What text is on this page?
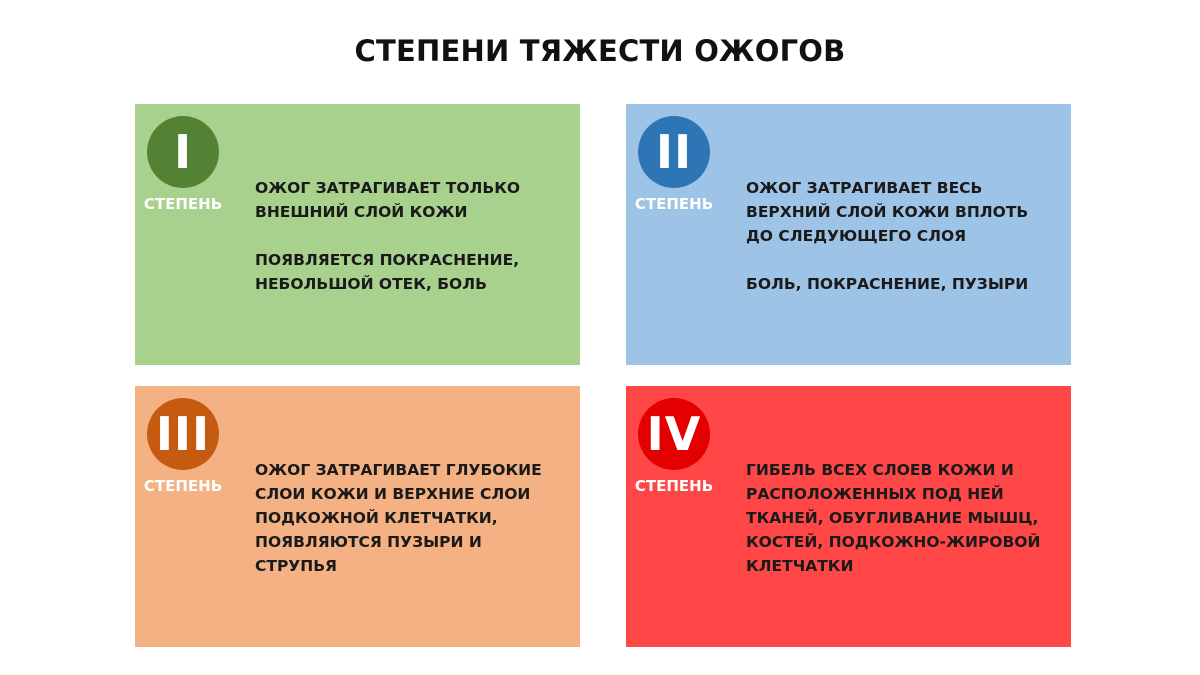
СТЕПЕНИ ТЯЖЕСТИ ОЖОГОВ
I
СТЕПЕНЬ

ОЖОГ ЗАТРАГИВАЕТ ТОЛЬКО ВНЕШНИЙ СЛОЙ КОЖИ

ПОЯВЛЯЕТСЯ ПОКРАСНЕНИЕ, НЕБОЛЬШОЙ ОТЕК, БОЛЬ

II
СТЕПЕНЬ

ОЖОГ ЗАТРАГИВАЕТ ВЕСЬ ВЕРХНИЙ СЛОЙ КОЖИ ВПЛОТЬ ДО СЛЕДУЮЩЕГО СЛОЯ

БОЛЬ, ПОКРАСНЕНИЕ, ПУЗЫРИ

III
СТЕПЕНЬ

ОЖОГ ЗАТРАГИВАЕТ ГЛУБОКИЕ СЛОИ КОЖИ И ВЕРХНИЕ СЛОИ ПОДКОЖНОЙ КЛЕТЧАТКИ, ПОЯВЛЯЮТСЯ ПУЗЫРИ И СТРУПЬЯ

IV
СТЕПЕНЬ

ГИБЕЛЬ ВСЕХ СЛОЕВ КОЖИ И РАСПОЛОЖЕННЫХ ПОД НЕЙ ТКАНЕЙ, ОБУГЛИВАНИЕ МЫШЦ, КОСТЕЙ, ПОДКОЖНО-ЖИРОВОЙ КЛЕТЧАТКИ
